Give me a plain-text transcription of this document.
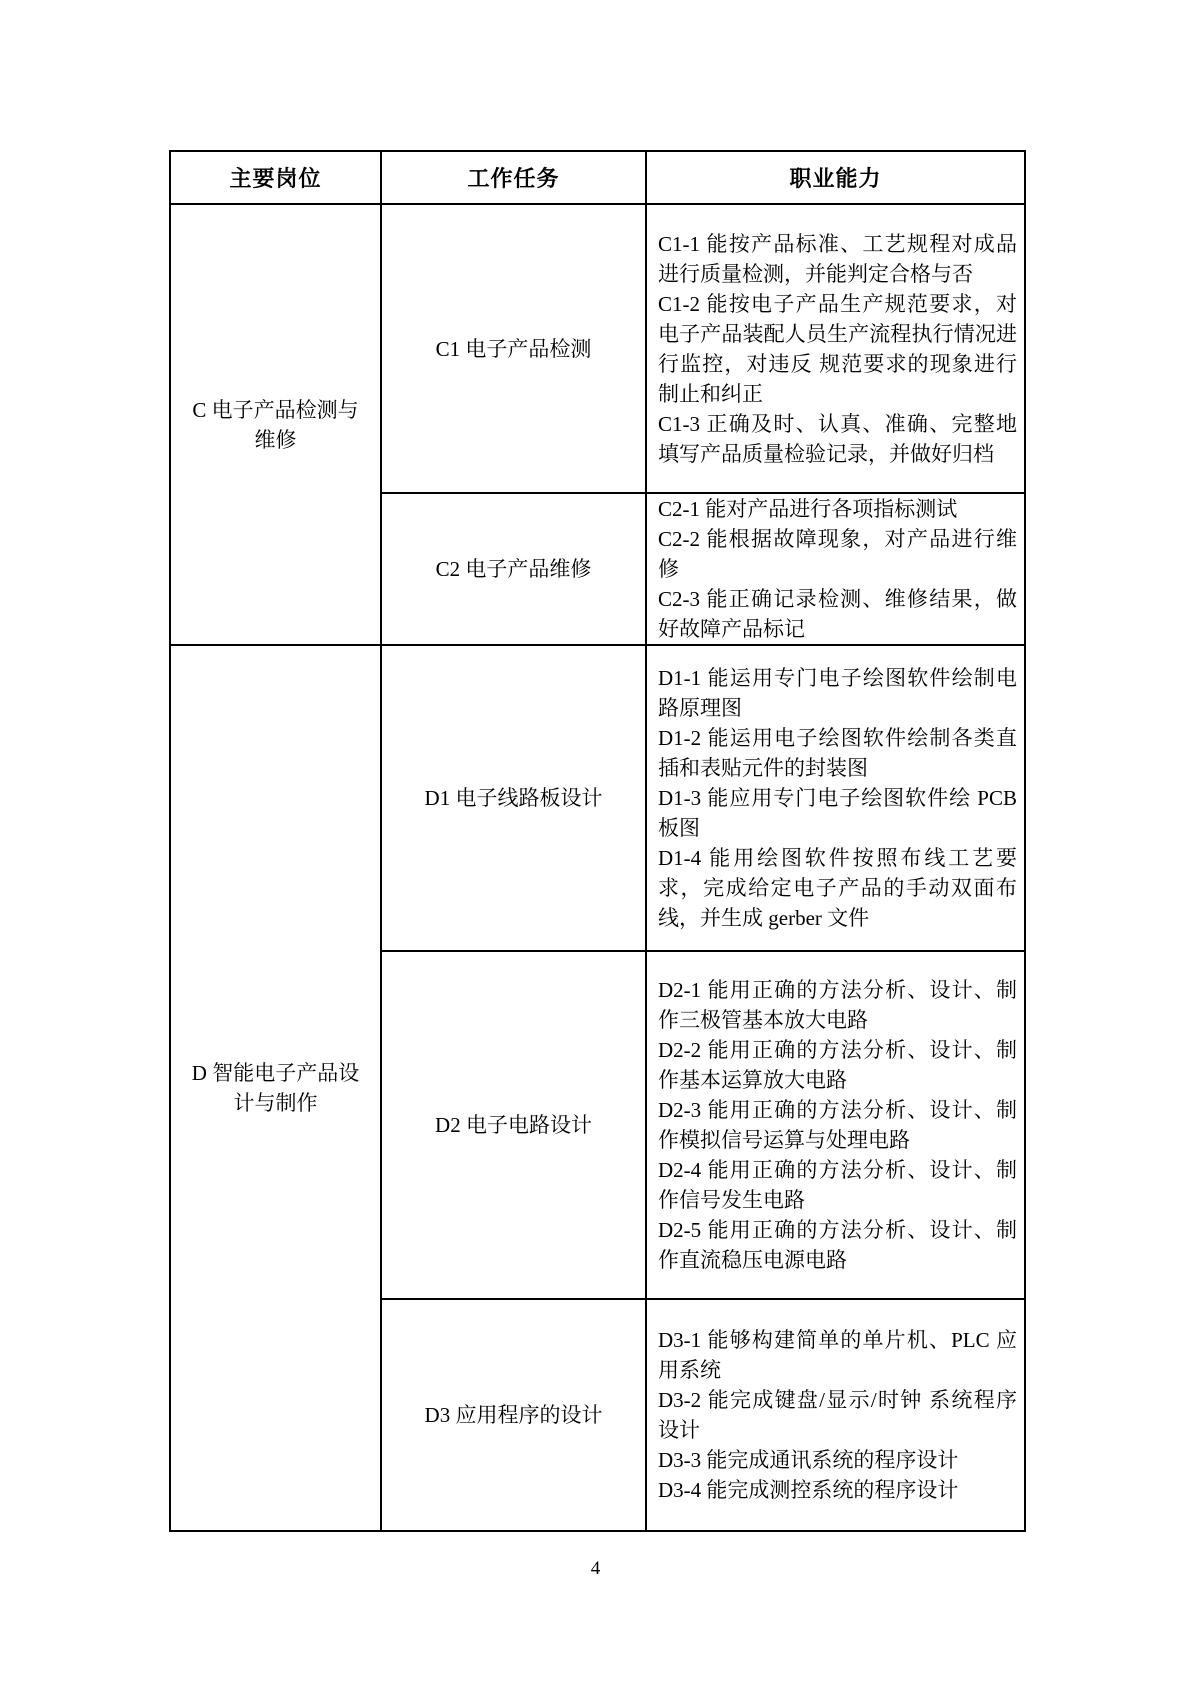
主要岗位	工作任务	职业能力
C 电子产品检测与维修	C1 电子产品检测	C1-1 能按产品标准、工艺规程对成品进行质量检测，并能判定合格与否
C1-2 能按电子产品生产规范要求，对电子产品装配人员生产流程执行情况进行监控，对违反 规范要求的现象进行制止和纠正
C1-3 正确及时、认真、准确、完整地填写产品质量检验记录，并做好归档

	C2 电子产品维修	C2-1 能对产品进行各项指标测试
C2-2 能根据故障现象，对产品进行维修
C2-3 能正确记录检测、维修结果，做好故障产品标记

D 智能电子产品设计与制作	D1 电子线路板设计	D1-1 能运用专门电子绘图软件绘制电路原理图
D1-2 能运用电子绘图软件绘制各类直插和表贴元件的封装图
D1-3 能应用专门电子绘图软件绘 PCB 板图
D1-4 能用绘图软件按照布线工艺要求，完成给定电子产品的手动双面布线，并生成 gerber 文件

	D2 电子电路设计	D2-1 能用正确的方法分析、设计、制作三极管基本放大电路
D2-2 能用正确的方法分析、设计、制作基本运算放大电路
D2-3 能用正确的方法分析、设计、制作模拟信号运算与处理电路
D2-4 能用正确的方法分析、设计、制作信号发生电路
D2-5 能用正确的方法分析、设计、制作直流稳压电源电路

	D3 应用程序的设计	D3-1 能够构建简单的单片机、PLC 应用系统
D3-2 能完成键盘/显示/时钟 系统程序 设计
D3-3 能完成通讯系统的程序设计
D3-4 能完成测控系统的程序设计
4
